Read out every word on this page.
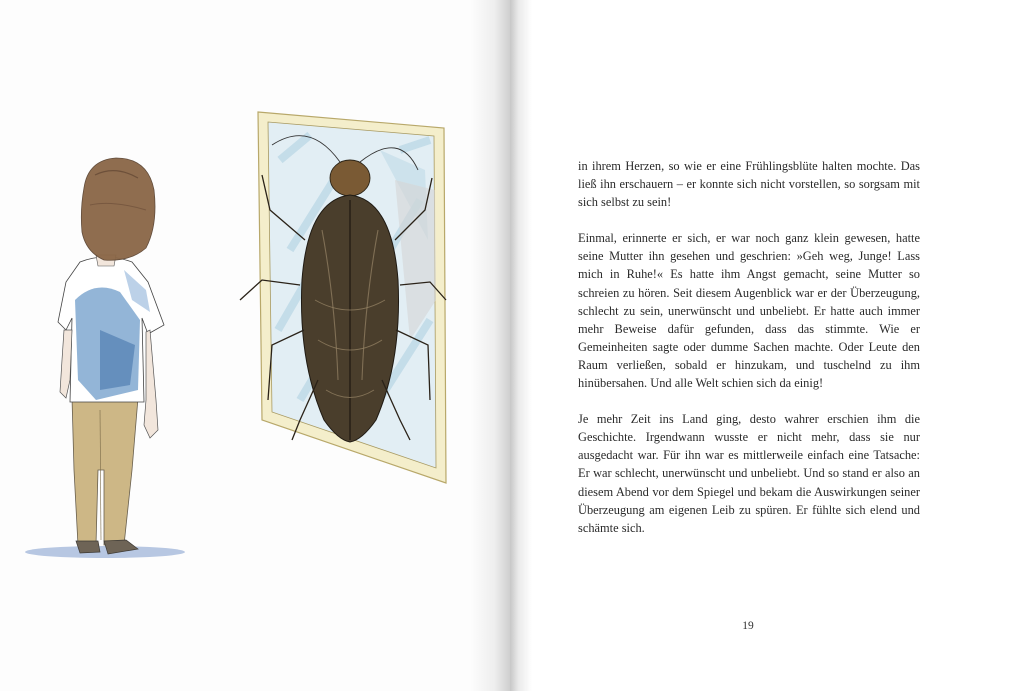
in ihrem Herzen, so wie er eine Frühlingsblüte halten mochte. Das ließ ihn erschauern – er konnte sich nicht vorstellen, so sorgsam mit sich selbst zu sein!

Einmal, erinnerte er sich, er war noch ganz klein gewesen, hatte seine Mutter ihn gesehen und geschrien: »Geh weg, Junge! Lass mich in Ruhe!« Es hatte ihm Angst gemacht, seine Mutter so schreien zu hören. Seit diesem Augenblick war er der Überzeugung, schlecht zu sein, unerwünscht und unbeliebt. Er hatte auch immer mehr Beweise dafür gefunden, dass das stimmte. Wie er Gemeinheiten sagte oder dumme Sachen machte. Oder Leute den Raum verließen, sobald er hinzukam, und tuschelnd zu ihm hinübersahen. Und alle Welt schien sich da einig!

Je mehr Zeit ins Land ging, desto wahrer erschien ihm die Geschichte. Irgendwann wusste er nicht mehr, dass sie nur ausgedacht war. Für ihn war es mittlerweile einfach eine Tatsache: Er war schlecht, unerwünscht und unbeliebt. Und so stand er also an diesem Abend vor dem Spiegel und bekam die Auswirkungen seiner Überzeugung am eigenen Leib zu spüren. Er fühlte sich elend und schämte sich.

19
